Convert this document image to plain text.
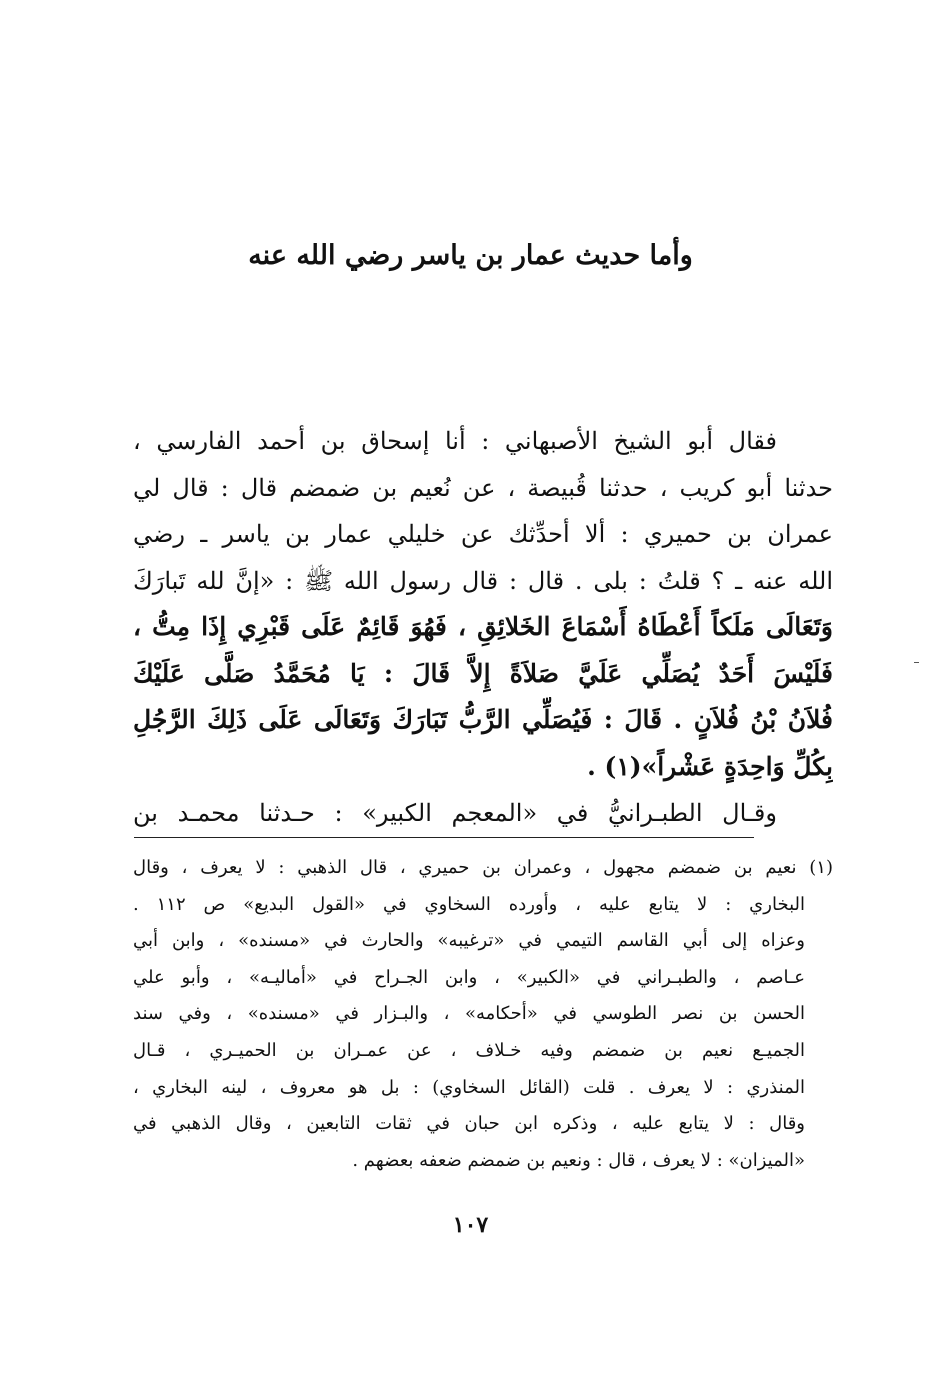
وأما حديث عمار بن ياسر رضي الله عنه
فقال أبو الشيخ الأصبهاني : أنا إسحاق بن أحمد الفارسي ،
حدثنا أبو كريب ، حدثنا قُبيصة ، عن نُعيم بن ضمضم قال : قال لي
عمران بن حميري : ألا أحدِّثك عن خليلي عمار بن ياسر ـ رضي
الله عنه ـ ؟ قلتُ : بلى . قال : قال رسول الله ﷺ : «إنَّ لله تَبارَكَ
وَتَعَالَى مَلَكاً أَعْطَاهُ أَسْمَاعَ الخَلائِقِ ، فَهُوَ قَائِمٌ عَلَى قَبْرِي إِذَا مِتُّ ،
فَلَيْسَ أَحَدٌ يُصَلِّي عَلَيَّ صَلاَةً إِلاَّ قَالَ : يَا مُحَمَّدُ صَلَّى عَلَيْكَ
فُلاَنُ بْنُ فُلاَنٍ . قَالَ : فَيُصَلِّي الرَّبُّ تَبَارَكَ وَتَعَالَى عَلَى ذَلِكَ الرَّجُلِ
بِكُلِّ وَاحِدَةٍ عَشْراً»(١) .
وقـال الطبـرانيُّ في «المعجم الكبير» : حـدثنا محمـد بن
(١) نعيم بن ضمضم مجهول ، وعمران بن حميري ، قال الذهبي : لا يعرف ، وقال
البخاري : لا يتابع عليه ، وأورده السخاوي في «القول البديع» ص ١١٢ .
وعزاه إلى أبي القاسم التيمي في «ترغيبه» والحارث في «مسنده» ، وابن أبي
عـاصم ، والطبـراني في «الكبير» ، وابن الجـراح في «أماليـه» ، وأبو علي
الحسن بن نصر الطوسي في «أحكامه» ، والبـزار في «مسنده» ، وفي سند
الجميـع نعيم بن ضمضم وفيه خـلاف ، عن عمـران بن الحميـري ، قـال
المنذري : لا يعرف . قلت (القائل السخاوي) : بل هو معروف ، لينه البخاري ،
وقال : لا يتابع عليه ، وذكره ابن حبان في ثقات التابعين ، وقال الذهبي في
«الميزان» : لا يعرف ، قال : ونعيم بن ضمضم ضعفه بعضهم .
١٠٧
